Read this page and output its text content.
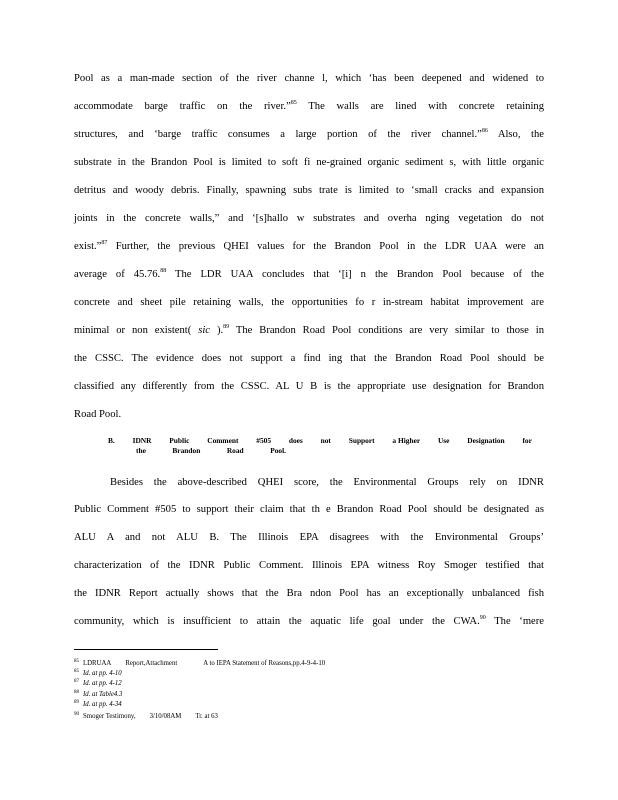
Pool as a man-made section of the river channe l, which ‘has been deepened and widened to
accommodate barge traffic on the river.”$^{85}$ The walls are lined with concrete retaining
structures, and ‘barge traffic consumes a large portion of the river channel.”$^{86}$ Also, the
substrate in the Brandon Pool is limited to soft fi ne-grained organic sediment s, with little organic
detritus and woody debris. Finally, spawning subs trate is limited to ‘small cracks and expansion
joints in the concrete walls,” and ‘[s]hallo w substrates and overha nging vegetation do not
exist.”$^{87}$ Further, the previous QHEI values for the Brandon Pool in the LDR UAA were an
average of 45.76.88 The LDR UAA concludes that ‘[i] n the Brandon Pool because of the
concrete and sheet pile retaining walls, the opportunities fo r in-stream habitat improvement are
minimal or non existent( sic ).$^{89}$ The Brandon Road Pool conditions are very similar to those in
the CSSC. The evidence does not support a find ing that the Brandon Road Pool should be
classified any differently from the CSSC. AL U B is the appropriate use designation for Brandon
Road Pool.
B. IDNR Public Comment #505 does not Support a Higher Use Designation for
the	Brandon	Road	Pool.
Besides the above-described QHEI score, the Environmental Groups rely on IDNR
Public Comment #505 to support their claim that th e Brandon Road Pool should be designated as
ALU A and not ALU B. The Illinois EPA disagrees with the Environmental Groups’
characterization of the IDNR Public Comment. Illinois EPA witness Roy Smoger testified that
the IDNR Report actually shows that the Bra ndon Pool has an exceptionally unbalanced fish
community, which is insufficient to attain the aquatic life goal under the CWA.$^{90}$ The ‘mere
$^{85}$ LDRUAA Report,Attachment	A to IEPA Statement of Reasons,pp.4-9-4-10
$^{85}$ Id. at pp. 4-10
$^{87}$ Id. at pp. 4-12
$^{88}$ Id. at Table4.3
$^{89}$ Id. at pp. 4-34
$^{90}$ Smoger Testimony, 3/10/08AM Tr. at 63
